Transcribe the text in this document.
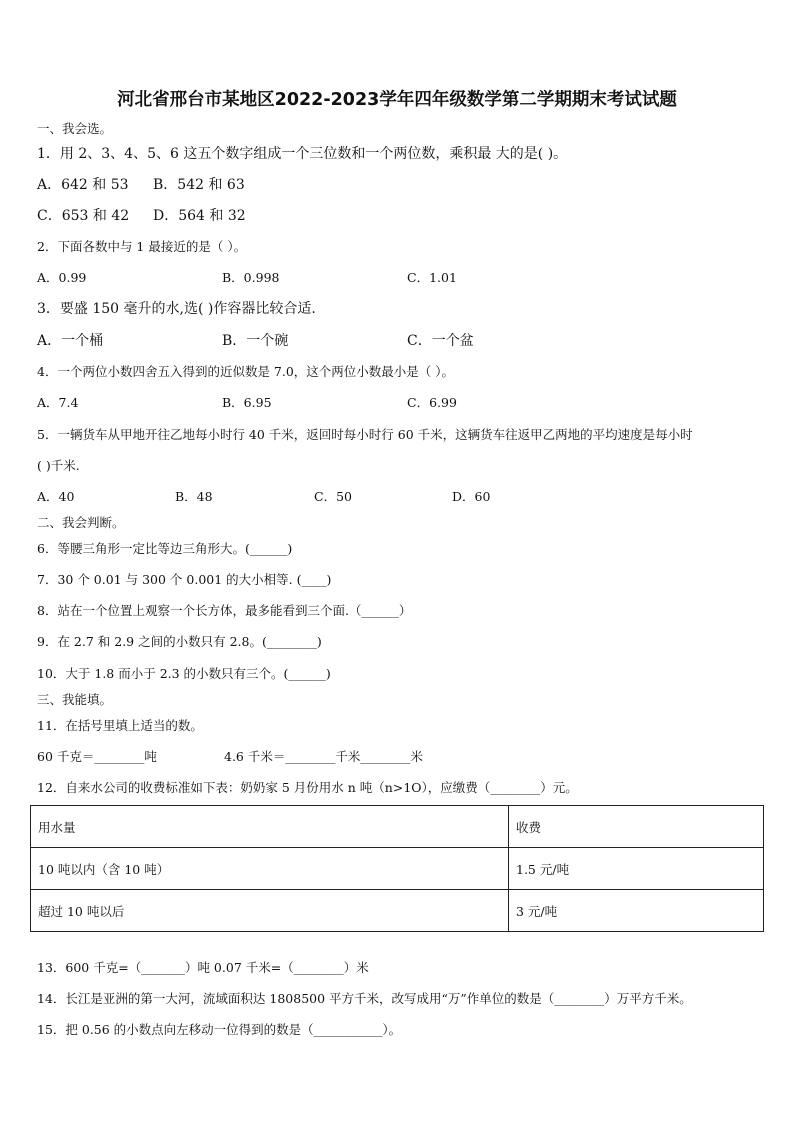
河北省邢台市某地区2022-2023学年四年级数学第二学期期末考试试题
一、我会选。
1．用 2、3、4、5、6 这五个数字组成一个三位数和一个两位数，乘积最 大的是( )。
A．642 和 53 B．542 和 63
C．653 和 42 D．564 和 32
2．下面各数中与 1 最接近的是（ ）。
A．0.99	B．0.998	C．1.01
3．要盛 150 毫升的水,选( )作容器比较合适.
A．一个桶	B．一个碗	C．一个盆
4．一个两位小数四舍五入得到的近似数是 7.0，这个两位小数最小是（ ）。
A．7.4	B．6.95	C．6.99
5．一辆货车从甲地开往乙地每小时行 40 千米，返回时每小时行 60 千米，这辆货车往返甲乙两地的平均速度是每小时
( )千米.
A．40	B．48	C．50	D．60
二、我会判断。
6．等腰三角形一定比等边三角形大。(______)
7．30 个 0.01 与 300 个 0.001 的大小相等. (____)
8．站在一个位置上观察一个长方体，最多能看到三个面.（______）
9．在 2.7 和 2.9 之间的小数只有 2.8。(________)
10．大于 1.8 而小于 2.3 的小数只有三个。(______)
三、我能填。
11．在括号里填上适当的数。
60 千克＝________吨	4.6 千米＝________千米________米
12．自来水公司的收费标准如下表：奶奶家 5 月份用水 n 吨（n>1O），应缴费（________）元。
用水量	收费
10 吨以内（含 10 吨）	1.5 元/吨
超过 10 吨以后	3 元/吨
13．600 千克=（_______）吨 0.07 千米=（________）米
14．长江是亚洲的第一大河，流域面积达 1808500 平方千米，改写成用“万”作单位的数是（________）万平方千米。
15．把 0.56 的小数点向左移动一位得到的数是（___________）。
